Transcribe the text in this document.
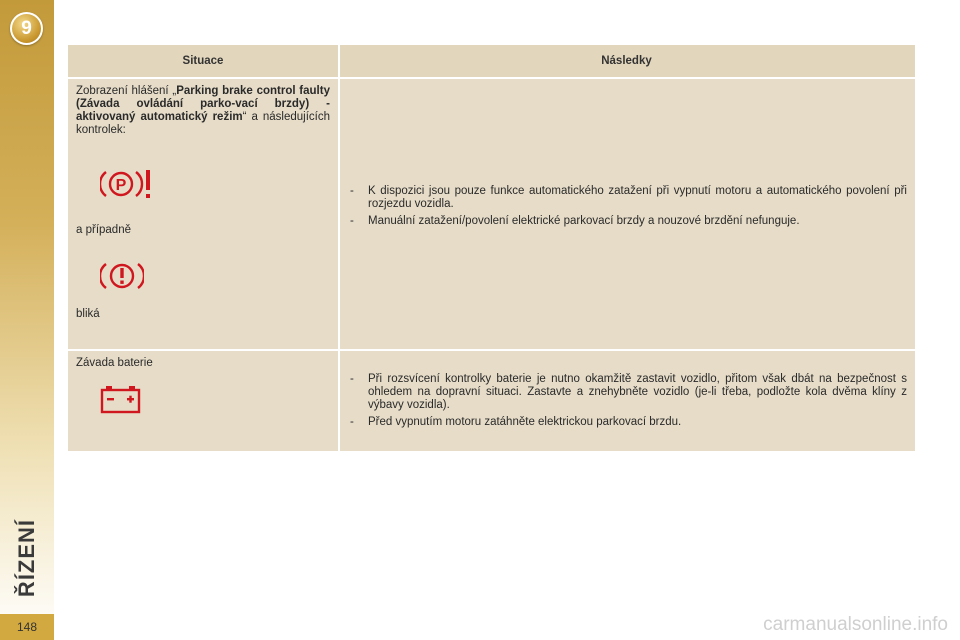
9
ŘÍZENÍ
148
Situace	Následky
Zobrazení hlášení „Parking brake control faulty (Závada ovládání parko-vací brzdy) - aktivovaný automatický režim“ a následujících kontrolek:
P
a případně
bliká
- K dispozici jsou pouze funkce automatického zatažení při vypnutí motoru a automatického povolení při rozjezdu vozidla.
- Manuální zatažení/povolení elektrické parkovací brzdy a nouzové brzdění nefunguje.
Závada baterie
- Při rozsvícení kontrolky baterie je nutno okamžitě zastavit vozidlo, přitom však dbát na bezpečnost s ohledem na dopravní situaci. Zastavte a znehybněte vozidlo (je-li třeba, podložte kola dvěma klíny z výbavy vozidla).
- Před vypnutím motoru zatáhněte elektrickou parkovací brzdu.
carmanualsonline.info
